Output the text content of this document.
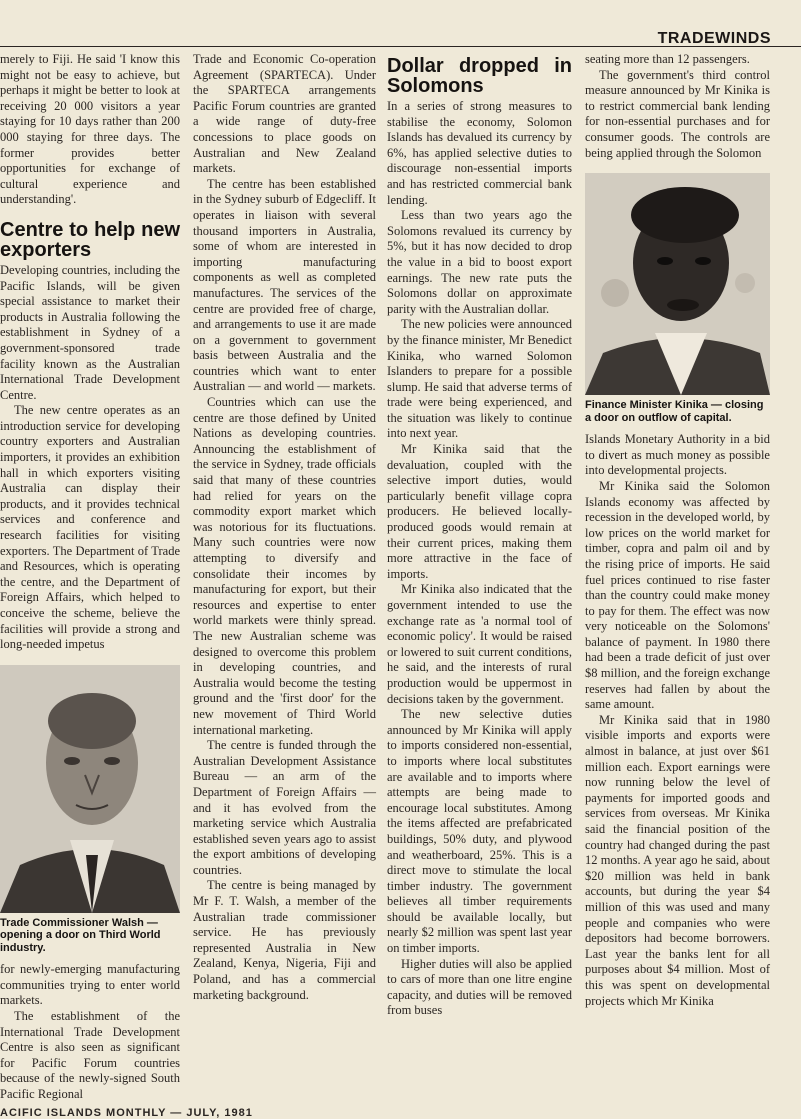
TRADEWINDS

merely to Fiji. He said 'I know this might not be easy to achieve, but perhaps it might be better to look at receiving 20 000 visitors a year staying for 10 days rather than 200 000 staying for three days. The former provides better opportunities for exchange of cultural experience and understanding'.

Centre to help new exporters

Developing countries, including the Pacific Islands, will be given special assistance to market their products in Australia following the establishment in Sydney of a government-sponsored trade facility known as the Australian International Trade Development Centre.

The new centre operates as an introduction service for developing country exporters and Australian importers, it provides an exhibition hall in which exporters visiting Australia can display their products, and it provides technical services and conference and research facilities for visiting exporters. The Department of Trade and Resources, which is operating the centre, and the Department of Foreign Affairs, which helped to conceive the scheme, believe the facilities will provide a strong and long-needed impetus

Trade Commissioner Walsh — opening a door on Third World industry.

for newly-emerging manufacturing communities trying to enter world markets.

The establishment of the International Trade Development Centre is also seen as significant for Pacific Forum countries because of the newly-signed South Pacific Regional

Trade and Economic Co-operation Agreement (SPARTECA). Under the SPARTECA arrangements Pacific Forum countries are granted a wide range of duty-free concessions to place goods on Australian and New Zealand markets.

The centre has been established in the Sydney suburb of Edgecliff. It operates in liaison with several thousand importers in Australia, some of whom are interested in importing manufacturing components as well as completed manufactures. The services of the centre are provided free of charge, and arrangements to use it are made on a government to government basis between Australia and the countries which want to enter Australian — and world — markets.

Countries which can use the centre are those defined by United Nations as developing countries. Announcing the establishment of the service in Sydney, trade officials said that many of these countries had relied for years on the commodity export market which was notorious for its fluctuations. Many such countries were now attempting to diversify and consolidate their incomes by manufacturing for export, but their resources and expertise to enter world markets were thinly spread. The new Australian scheme was designed to overcome this problem in developing countries, and Australia would become the testing ground and the 'first door' for the new movement of Third World international marketing.

The centre is funded through the Australian Development Assistance Bureau — an arm of the Department of Foreign Affairs — and it has evolved from the marketing service which Australia established seven years ago to assist the export ambitions of developing countries.

The centre is being managed by Mr F. T. Walsh, a member of the Australian trade commissioner service. He has previously represented Australia in New Zealand, Kenya, Nigeria, Fiji and Poland, and has a commercial marketing background.

Dollar dropped in Solomons

In a series of strong measures to stabilise the economy, Solomon Islands has devalued its currency by 6%, has applied selective duties to discourage non-essential imports and has restricted commercial bank lending.

Less than two years ago the Solomons revalued its currency by 5%, but it has now decided to drop the value in a bid to boost export earnings. The new rate puts the Solomons dollar on approximate parity with the Australian dollar.

The new policies were announced by the finance minister, Mr Benedict Kinika, who warned Solomon Islanders to prepare for a possible slump. He said that adverse terms of trade were being experienced, and the situation was likely to continue into next year.

Mr Kinika said that the devaluation, coupled with the selective import duties, would particularly benefit village copra producers. He believed locally-produced goods would remain at their current prices, making them more attractive in the face of imports.

Mr Kinika also indicated that the government intended to use the exchange rate as 'a normal tool of economic policy'. It would be raised or lowered to suit current conditions, he said, and the interests of rural production would be uppermost in decisions taken by the government.

The new selective duties announced by Mr Kinika will apply to imports considered non-essential, to imports where local substitutes are available and to imports where attempts are being made to encourage local substitutes. Among the items affected are prefabricated buildings, 50% duty, and plywood and weatherboard, 25%. This is a direct move to stimulate the local timber industry. The government believes all timber requirements should be available locally, but nearly $2 million was spent last year on timber imports.

Higher duties will also be applied to cars of more than one litre engine capacity, and duties will be removed from buses

seating more than 12 passengers.

The government's third control measure announced by Mr Kinika is to restrict commercial bank lending for non-essential purchases and for consumer goods. The controls are being applied through the Solomon

Finance Minister Kinika — closing a door on outflow of capital.

Islands Monetary Authority in a bid to divert as much money as possible into developmental projects.

Mr Kinika said the Solomon Islands economy was affected by recession in the developed world, by low prices on the world market for timber, copra and palm oil and by the rising price of imports. He said fuel prices continued to rise faster than the country could make money to pay for them. The effect was now very noticeable on the Solomons' balance of payment. In 1980 there had been a trade deficit of just over $8 million, and the foreign exchange reserves had fallen by about the same amount.

Mr Kinika said that in 1980 visible imports and exports were almost in balance, at just over $61 million each. Export earnings were now running below the level of payments for imported goods and services from overseas. Mr Kinika said the financial position of the country had changed during the past 12 months. A year ago he said, about $20 million was held in bank accounts, but during the year $4 million of this was used and many people and companies who were depositors had become borrowers. Last year the banks lent for all purposes about $4 million. Most of this was spent on developmental projects which Mr Kinika

ACIFIC ISLANDS MONTHLY — JULY, 1981
